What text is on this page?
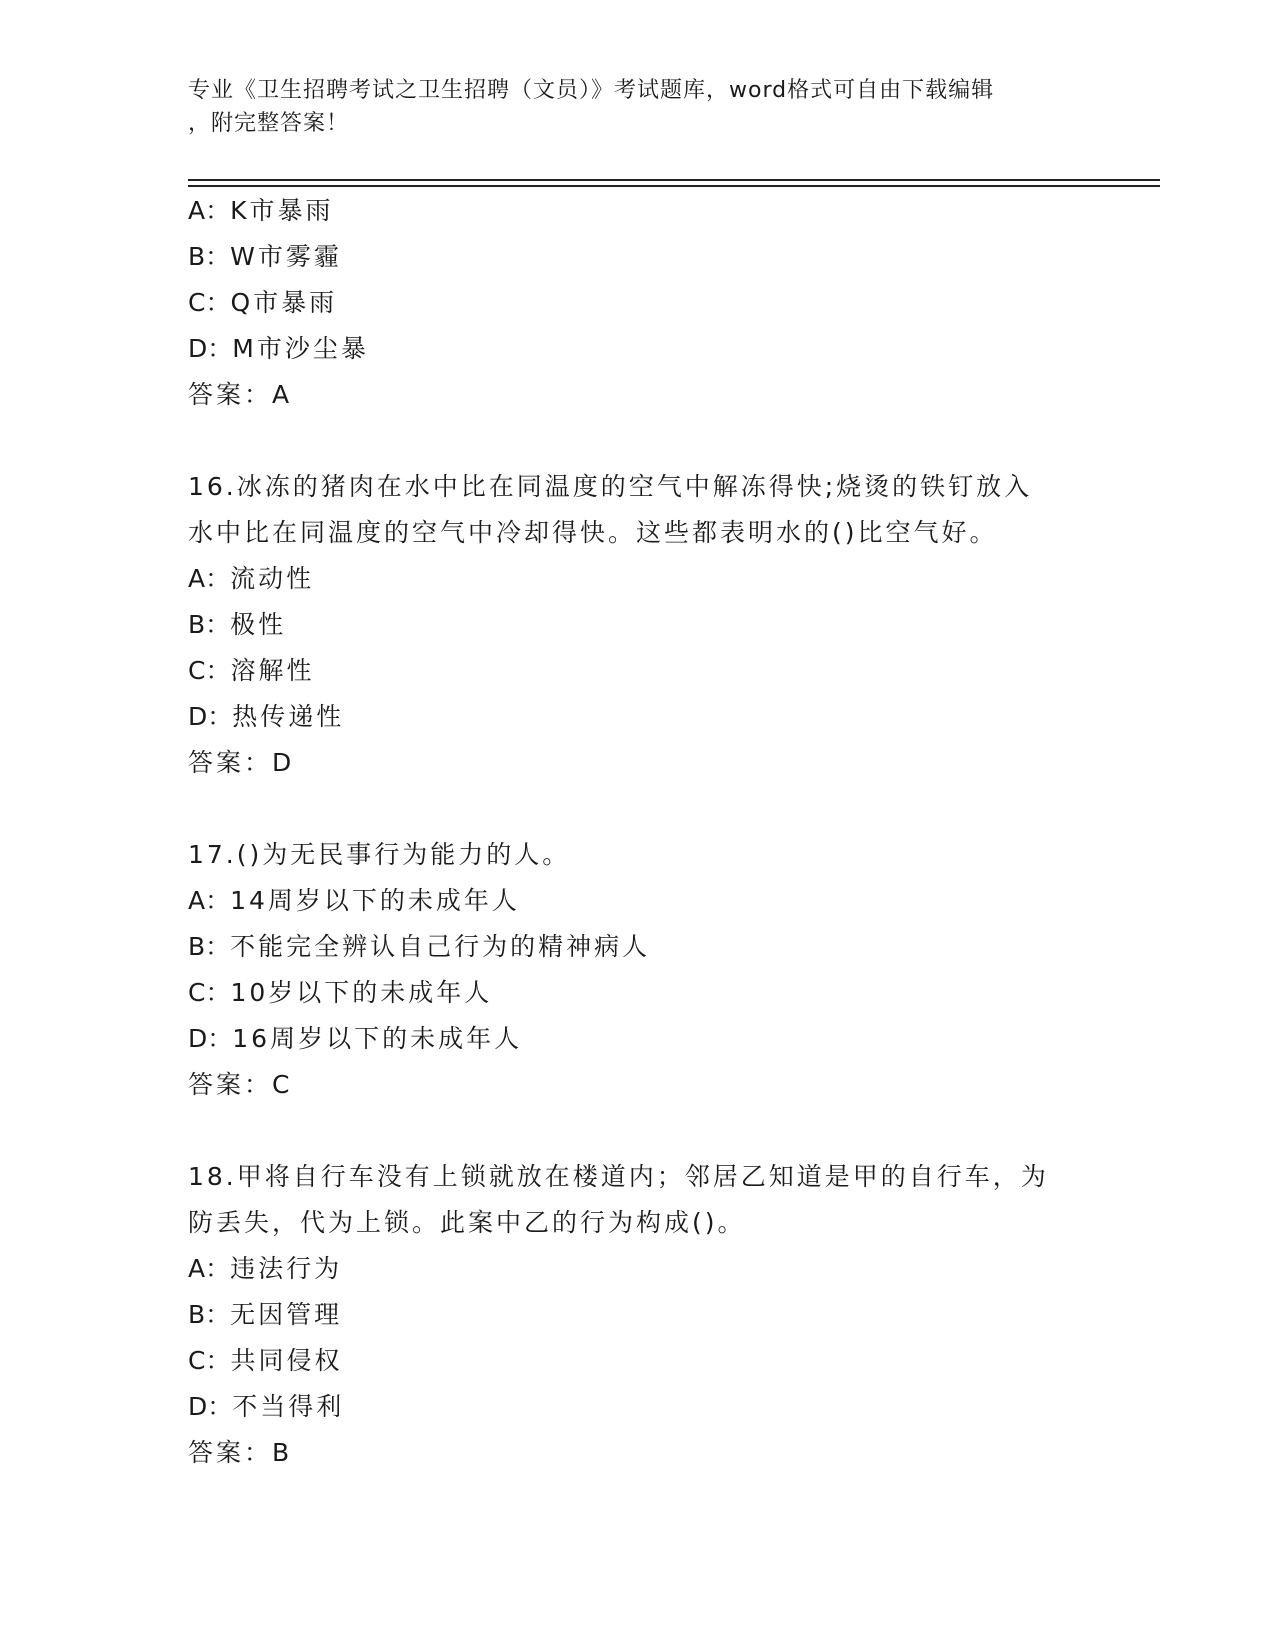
专业《卫生招聘考试之卫生招聘（文员）》考试题库，word格式可自由下载编辑
，附完整答案！

A：K市暴雨

B：W市雾霾

C：Q市暴雨

D：M市沙尘暴

答案：A

16.冰冻的猪肉在水中比在同温度的空气中解冻得快;烧烫的铁钉放入

水中比在同温度的空气中冷却得快。这些都表明水的()比空气好。

A：流动性

B：极性

C：溶解性

D：热传递性

答案：D

17.()为无民事行为能力的人。

A：14周岁以下的未成年人

B：不能完全辨认自己行为的精神病人

C：10岁以下的未成年人

D：16周岁以下的未成年人

答案：C

18.甲将自行车没有上锁就放在楼道内；邻居乙知道是甲的自行车，为

防丢失，代为上锁。此案中乙的行为构成()。

A：违法行为

B：无因管理

C：共同侵权

D：不当得利

答案：B
